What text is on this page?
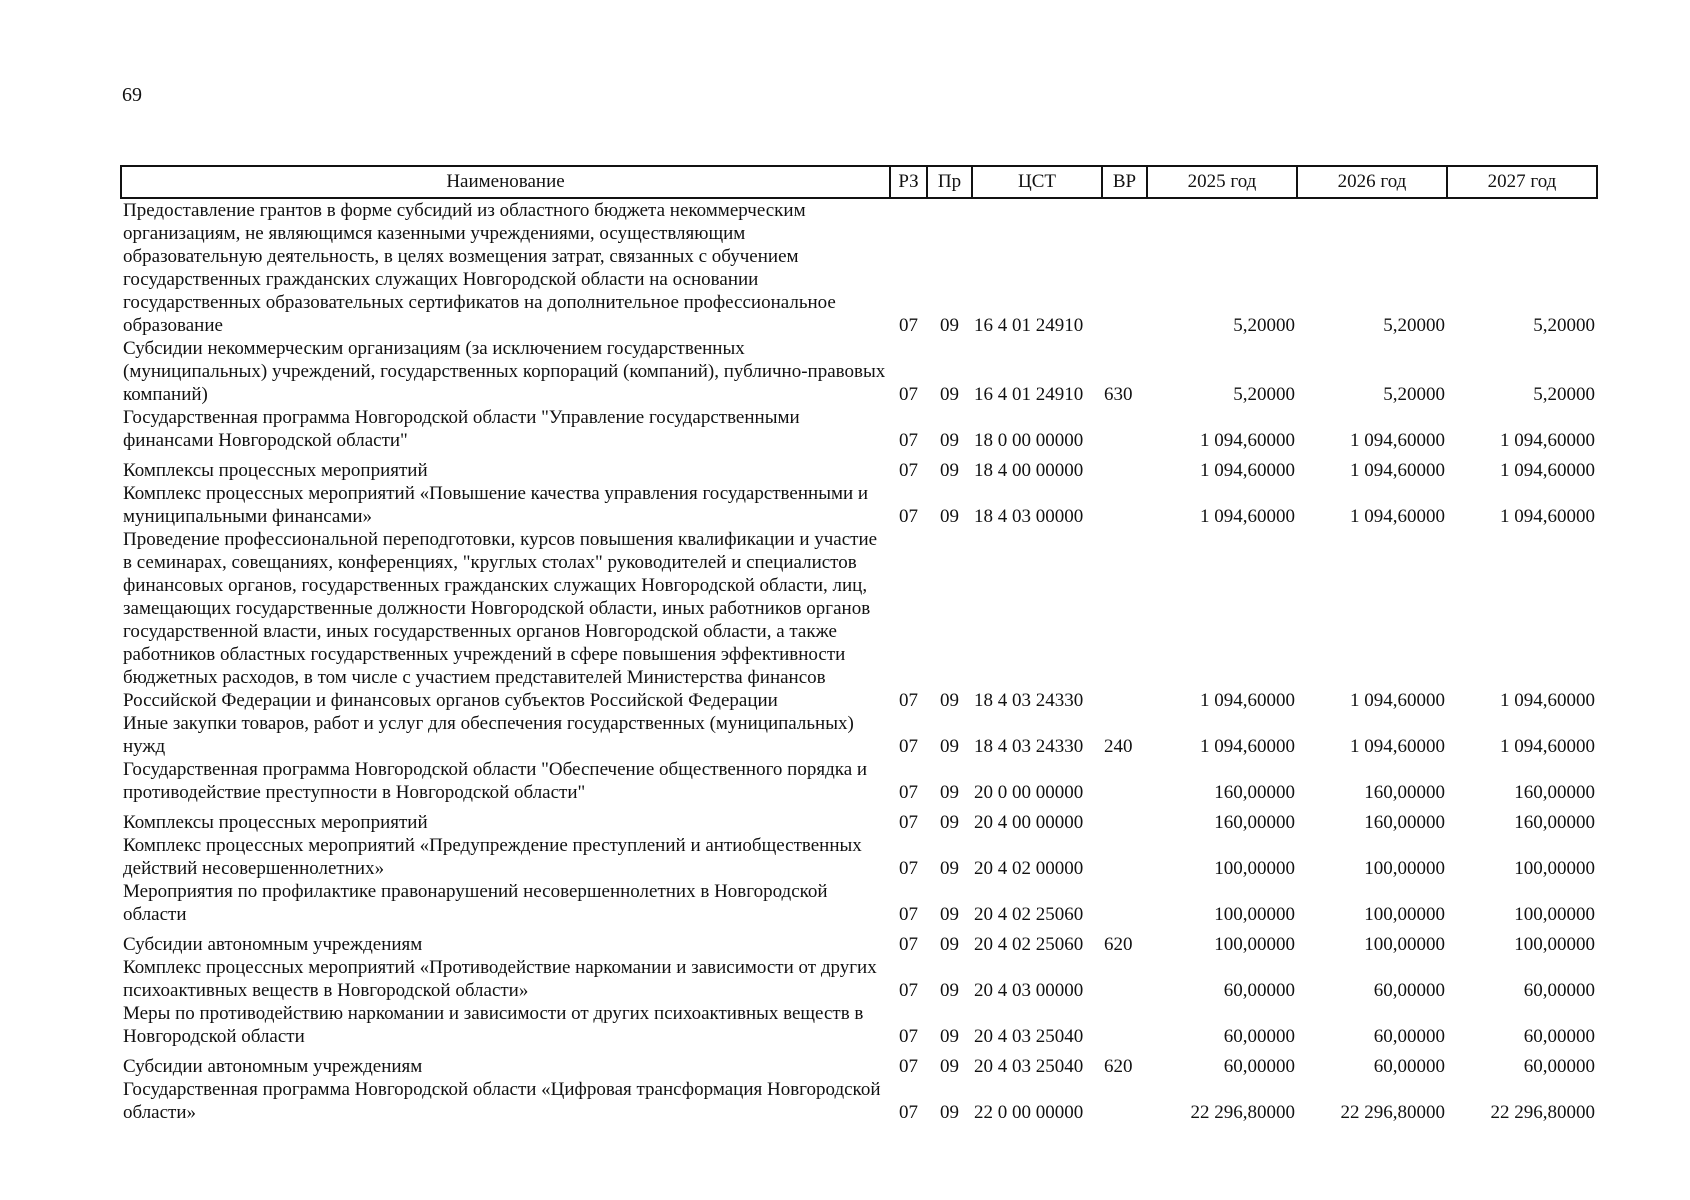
69
Наименование	РЗ	Пр	ЦСТ	ВР	2025 год	2026 год	2027 год
Предоставление грантов в форме субсидий из областного бюджета некоммерческим организациям, не являющимся казенными учреждениями, осуществляющим образовательную деятельность, в целях возмещения затрат, связанных с обучением государственных гражданских служащих Новгородской области на основании государственных образовательных сертификатов на дополнительное профессиональное образование	07	09	16 4 01 24910		5,20000	5,20000	5,20000
Субсидии некоммерческим организациям (за исключением государственных (муниципальных) учреждений, государственных корпораций (компаний), публично-правовых компаний)	07	09	16 4 01 24910	630	5,20000	5,20000	5,20000
Государственная программа Новгородской области "Управление государственными финансами Новгородской области"	07	09	18 0 00 00000		1 094,60000	1 094,60000	1 094,60000
Комплексы процессных мероприятий	07	09	18 4 00 00000		1 094,60000	1 094,60000	1 094,60000
Комплекс процессных мероприятий «Повышение качества управления государственными и муниципальными финансами»	07	09	18 4 03 00000		1 094,60000	1 094,60000	1 094,60000
Проведение профессиональной переподготовки, курсов повышения квалификации и участие в семинарах, совещаниях, конференциях, "круглых столах" руководителей и специалистов финансовых органов, государственных гражданских служащих Новгородской области, лиц, замещающих государственные должности Новгородской области, иных работников органов государственной власти, иных государственных органов Новгородской области, а также работников областных государственных учреждений в сфере повышения эффективности бюджетных расходов, в том числе с участием представителей Министерства финансов Российской Федерации и финансовых органов субъектов Российской Федерации	07	09	18 4 03 24330		1 094,60000	1 094,60000	1 094,60000
Иные закупки товаров, работ и услуг для обеспечения государственных (муниципальных) нужд	07	09	18 4 03 24330	240	1 094,60000	1 094,60000	1 094,60000
Государственная программа Новгородской области "Обеспечение общественного порядка и противодействие преступности в Новгородской области"	07	09	20 0 00 00000		160,00000	160,00000	160,00000
Комплексы процессных мероприятий	07	09	20 4 00 00000		160,00000	160,00000	160,00000
Комплекс процессных мероприятий «Предупреждение преступлений и антиобщественных действий несовершеннолетних»	07	09	20 4 02 00000		100,00000	100,00000	100,00000
Мероприятия по профилактике правонарушений несовершеннолетних в Новгородской области	07	09	20 4 02 25060		100,00000	100,00000	100,00000
Субсидии автономным учреждениям	07	09	20 4 02 25060	620	100,00000	100,00000	100,00000
Комплекс процессных мероприятий «Противодействие наркомании и зависимости от других психоактивных веществ в Новгородской области»	07	09	20 4 03 00000		60,00000	60,00000	60,00000
Меры по противодействию наркомании и зависимости от других психоактивных веществ в Новгородской области	07	09	20 4 03 25040		60,00000	60,00000	60,00000
Субсидии автономным учреждениям	07	09	20 4 03 25040	620	60,00000	60,00000	60,00000
Государственная программа Новгородской области «Цифровая трансформация Новгородской области»	07	09	22 0 00 00000		22 296,80000	22 296,80000	22 296,80000
